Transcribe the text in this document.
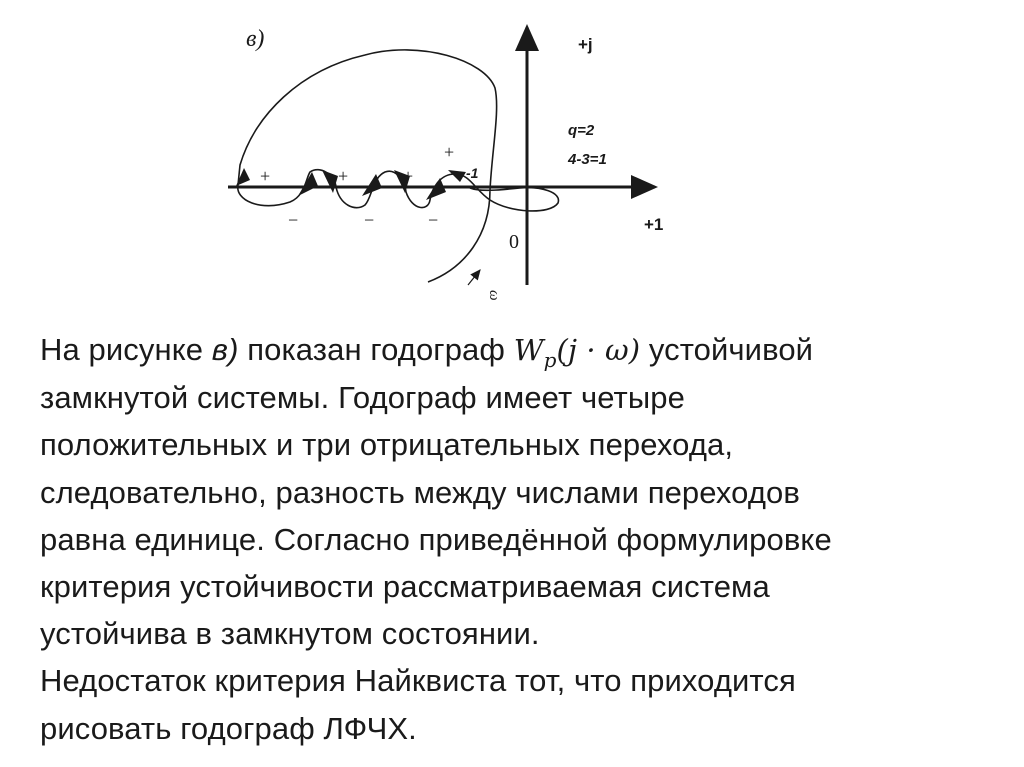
в)	+j
+1
0
-1
ω
q=2
4-3=1
+	+	+
+
−	−	−
На рисунке в) показан годограф $W_p(j \cdot \omega)$ устойчивой
замкнутой системы. Годограф имеет четыре
положительных и три отрицательных перехода,
следовательно, разность между числами переходов
равна единице. Согласно приведённой формулировке
критерия устойчивости рассматриваемая система
устойчива в замкнутом состоянии.
Недостаток критерия Найквиста тот, что приходится
рисовать годограф ЛФЧХ.
